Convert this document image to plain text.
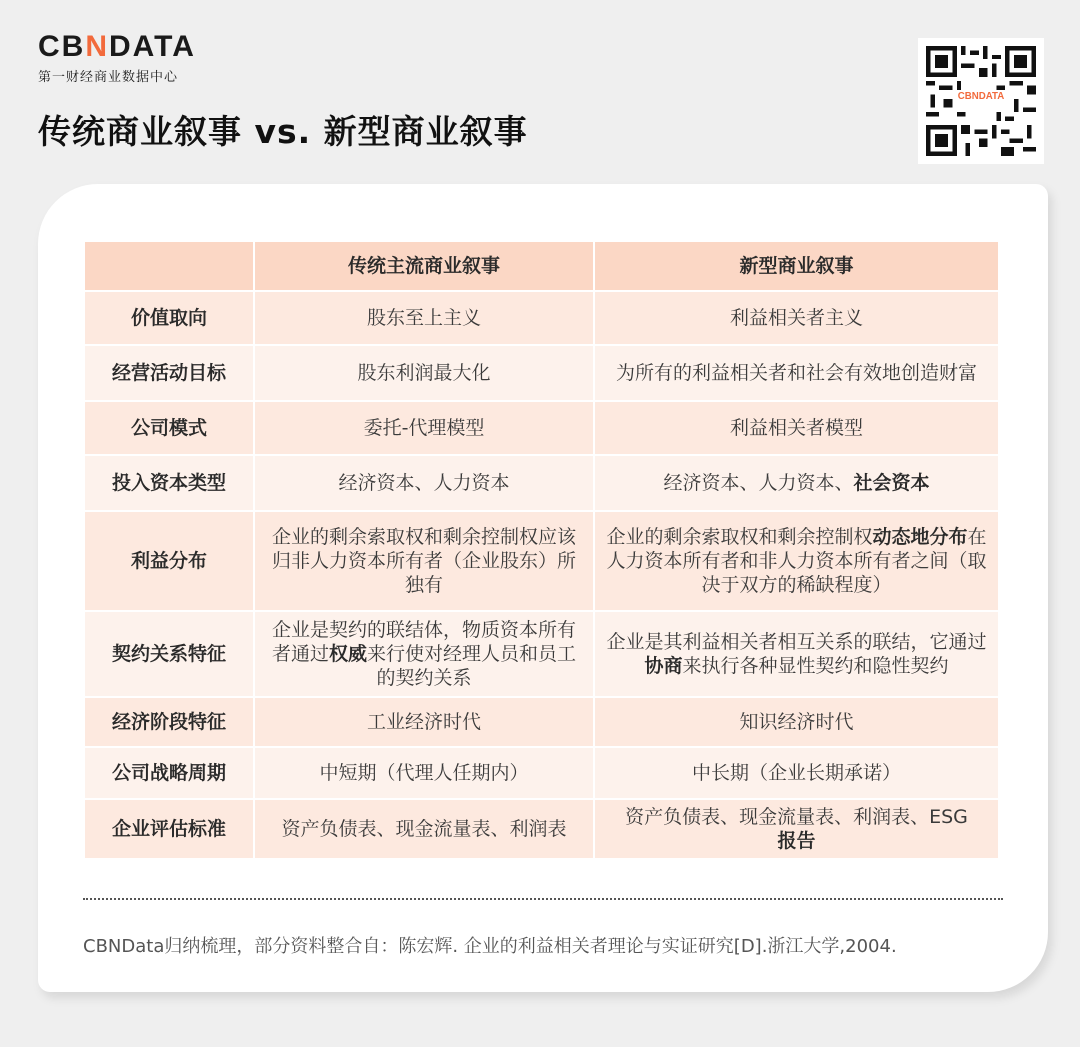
CBNDATA
第一财经商业数据中心
传统商业叙事 vs. 新型商业叙事
CBNDATA
	传统主流商业叙事	新型商业叙事
价值取向	股东至上主义	利益相关者主义
经营活动目标	股东利润最大化	为所有的利益相关者和社会有效地创造财富
公司模式	委托-代理模型	利益相关者模型
投入资本类型	经济资本、人力资本	经济资本、人力资本、社会资本
利益分布	企业的剩余索取权和剩余控制权应该归非人力资本所有者（企业股东）所独有	企业的剩余索取权和剩余控制权动态地分布在人力资本所有者和非人力资本所有者之间（取决于双方的稀缺程度）
契约关系特征	企业是契约的联结体，物质资本所有者通过权威来行使对经理人员和员工的契约关系	企业是其利益相关者相互关系的联结，它通过协商来执行各种显性契约和隐性契约
经济阶段特征	工业经济时代	知识经济时代
公司战略周期	中短期（代理人任期内）	中长期（企业长期承诺）
企业评估标准	资产负债表、现金流量表、利润表	资产负债表、现金流量表、利润表、ESG
报告
CBNData归纳梳理，部分资料整合自：陈宏辉. 企业的利益相关者理论与实证研究[D].浙江大学,2004.
